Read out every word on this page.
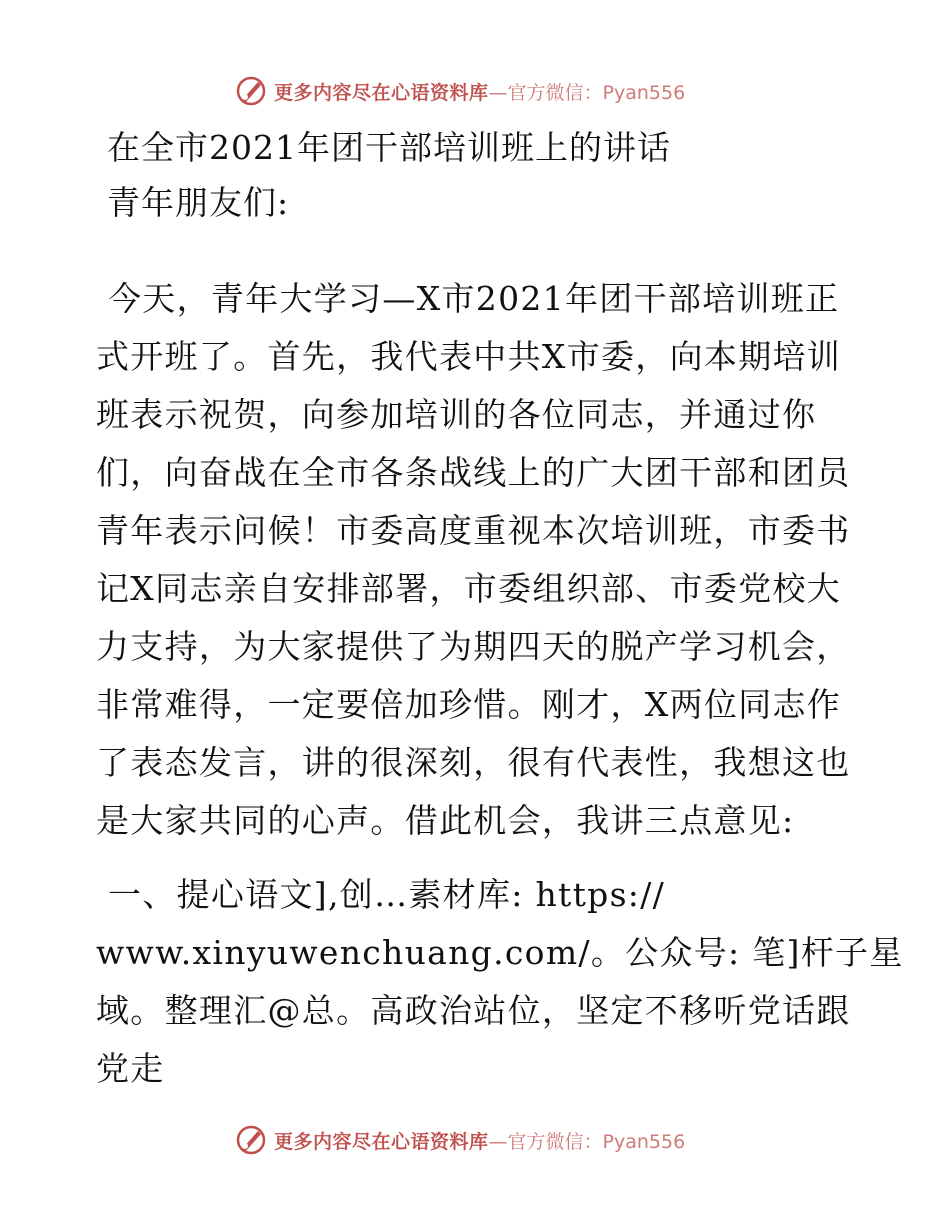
更多内容尽在心语资料库 —官方微信：Pyan556
在全市2021年团干部培训班上的讲话
青年朋友们:
今天，青年大学习—X市2021年团干部培训班正
式开班了。首先，我代表中共X市委，向本期培训
班表示祝贺，向参加培训的各位同志，并通过你
们，向奋战在全市各条战线上的广大团干部和团员
青年表示问候！市委高度重视本次培训班，市委书
记X同志亲自安排部署，市委组织部、市委党校大
力支持，为大家提供了为期四天的脱产学习机会，
非常难得，一定要倍加珍惜。刚才，X两位同志作
了表态发言，讲的很深刻，很有代表性，我想这也
是大家共同的心声。借此机会，我讲三点意见:
一、提心语文],创…素材库: https://
www.xinyuwenchuang.com/。公众号: 笔]杆子星
域。整理汇@总。高政治站位，坚定不移听党话跟
党走
更多内容尽在心语资料库 —官方微信：Pyan556
